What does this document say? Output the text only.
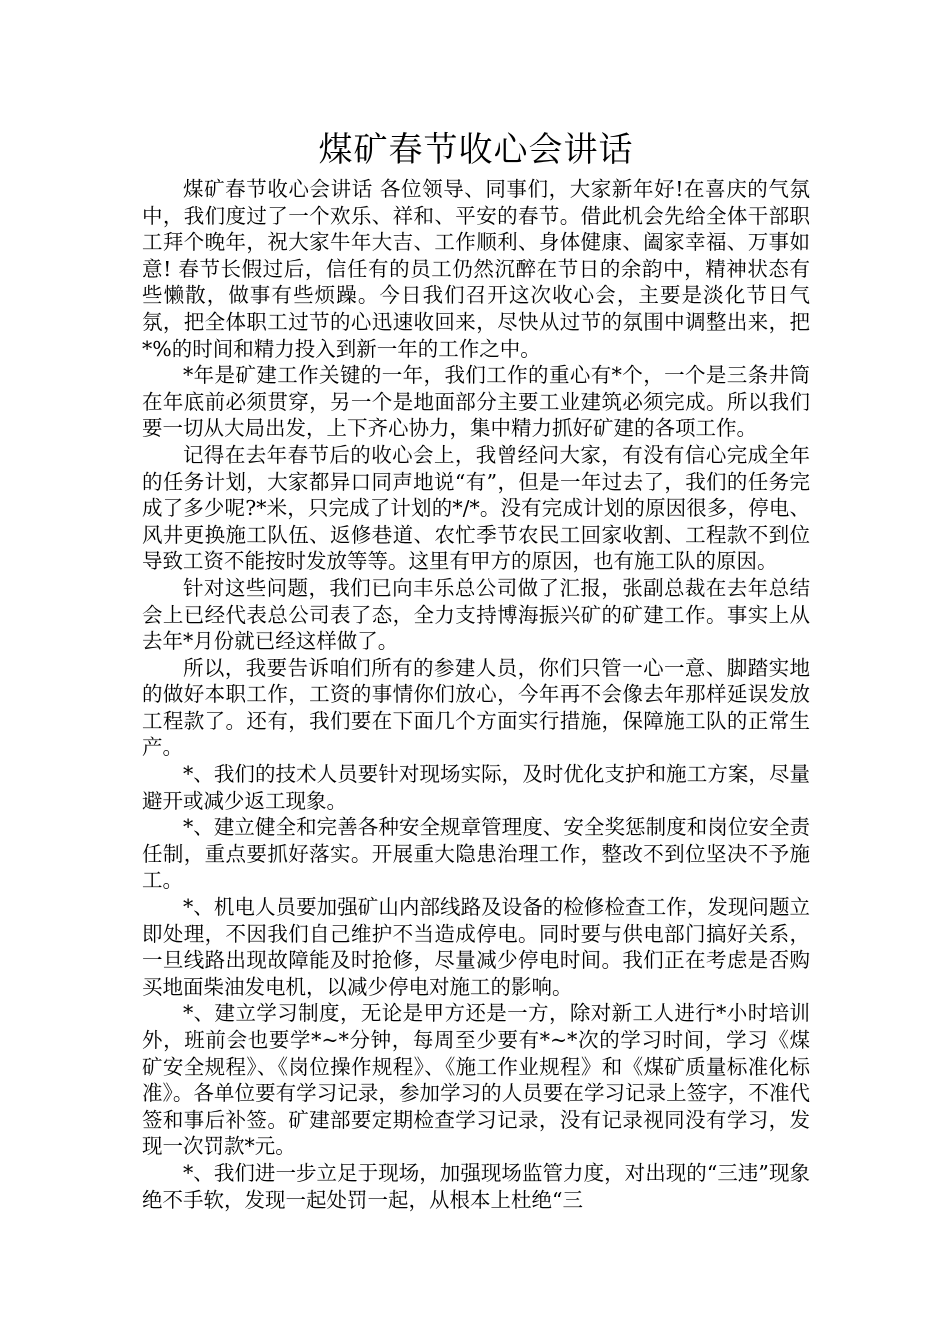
煤矿春节收心会讲话

煤矿春节收心会讲话 各位领导、同事们，大家新年好!在喜庆的气氛中，我们度过了一个欢乐、祥和、平安的春节。借此机会先给全体干部职工拜个晚年，祝大家牛年大吉、工作顺利、身体健康、阖家幸福、万事如意! 春节长假过后，信任有的员工仍然沉醉在节日的余韵中，精神状态有些懒散，做事有些烦躁。今日我们召开这次收心会，主要是淡化节日气氛，把全体职工过节的心迅速收回来，尽快从过节的氛围中调整出来，把*%的时间和精力投入到新一年的工作之中。

*年是矿建工作关键的一年，我们工作的重心有*个，一个是三条井筒在年底前必须贯穿，另一个是地面部分主要工业建筑必须完成。所以我们要一切从大局出发，上下齐心协力，集中精力抓好矿建的各项工作。

记得在去年春节后的收心会上，我曾经问大家，有没有信心完成全年的任务计划，大家都异口同声地说“有”，但是一年过去了，我们的任务完成了多少呢?*米，只完成了计划的*/*。没有完成计划的原因很多，停电、风井更换施工队伍、返修巷道、农忙季节农民工回家收割、工程款不到位导致工资不能按时发放等等。这里有甲方的原因，也有施工队的原因。

针对这些问题，我们已向丰乐总公司做了汇报，张副总裁在去年总结会上已经代表总公司表了态，全力支持博海振兴矿的矿建工作。事实上从去年*月份就已经这样做了。

所以，我要告诉咱们所有的参建人员，你们只管一心一意、脚踏实地的做好本职工作，工资的事情你们放心，今年再不会像去年那样延误发放工程款了。还有，我们要在下面几个方面实行措施，保障施工队的正常生产。

*、我们的技术人员要针对现场实际，及时优化支护和施工方案，尽量避开或减少返工现象。

*、建立健全和完善各种安全规章管理度、安全奖惩制度和岗位安全责任制，重点要抓好落实。开展重大隐患治理工作，整改不到位坚决不予施工。

*、机电人员要加强矿山内部线路及设备的检修检查工作，发现问题立即处理，不因我们自己维护不当造成停电。同时要与供电部门搞好关系，一旦线路出现故障能及时抢修，尽量减少停电时间。我们正在考虑是否购买地面柴油发电机，以减少停电对施工的影响。

*、建立学习制度，无论是甲方还是一方，除对新工人进行*小时培训外，班前会也要学*~*分钟，每周至少要有*~*次的学习时间，学习《煤矿安全规程》、《岗位操作规程》、《施工作业规程》和《煤矿质量标准化标准》。各单位要有学习记录，参加学习的人员要在学习记录上签字，不准代签和事后补签。矿建部要定期检查学习记录，没有记录视同没有学习，发现一次罚款*元。

*、我们进一步立足于现场，加强现场监管力度，对出现的“三违”现象绝不手软，发现一起处罚一起，从根本上杜绝“三
